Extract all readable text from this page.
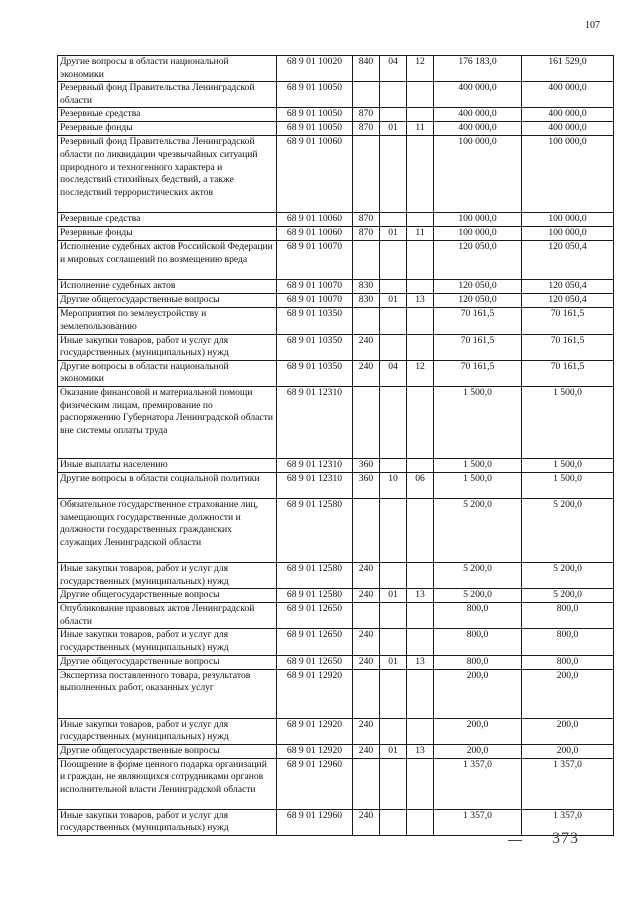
107
Другие вопросы в области национальной экономики	68 9 01 10020	840	04	12	176 183,0	161 529,0
Резервный фонд Правительства Ленинградской области	68 9 01 10050				400 000,0	400 000,0
Резервные средства	68 9 01 10050	870			400 000,0	400 000,0
Резервные фонды	68 9 01 10050	870	01	11	400 000,0	400 000,0
Резервный фонд Правительства Ленинградской области по ликвидации чрезвычайных ситуаций природного и техногенного характера и последствий стихийных бедствий, а также последствий террористических актов	68 9 01 10060				100 000,0	100 000,0
Резервные средства	68 9 01 10060	870			100 000,0	100 000,0
Резервные фонды	68 9 01 10060	870	01	11	100 000,0	100 000,0
Исполнение судебных актов Российской Федерации и мировых соглашений по возмещению вреда	68 9 01 10070				120 050,0	120 050,4
Исполнение судебных актов	68 9 01 10070	830			120 050,0	120 050,4
Другие общегосударственные вопросы	68 9 01 10070	830	01	13	120 050,0	120 050,4
Мероприятия по землеустройству и землепользованию	68 9 01 10350				70 161,5	70 161,5
Иные закупки товаров, работ и услуг для государственных (муниципальных) нужд	68 9 01 10350	240			70 161,5	70 161,5
Другие вопросы в области национальной экономики	68 9 01 10350	240	04	12	70 161,5	70 161,5
Оказание финансовой и материальной помощи физическим лицам, премирование по распоряжению Губернатора Ленинградской области вне системы оплаты труда	68 9 01 12310				1 500,0	1 500,0
Иные выплаты населению	68 9 01 12310	360			1 500,0	1 500,0
Другие вопросы в области социальной политики	68 9 01 12310	360	10	06	1 500,0	1 500,0
Обязательное государственное страхование лиц, замещающих государственные должности и должности государственных гражданских служащих Ленинградской области	68 9 01 12580				5 200,0	5 200,0
Иные закупки товаров, работ и услуг для государственных (муниципальных) нужд	68 9 01 12580	240			5 200,0	5 200,0
Другие общегосударственные вопросы	68 9 01 12580	240	01	13	5 200,0	5 200,0
Опубликование правовых актов Ленинградской области	68 9 01 12650				800,0	800,0
Иные закупки товаров, работ и услуг для государственных (муниципальных) нужд	68 9 01 12650	240			800,0	800,0
Другие общегосударственные вопросы	68 9 01 12650	240	01	13	800,0	800,0
Экспертиза поставленного товара, результатов выполненных работ, оказанных услуг	68 9 01 12920				200,0	200,0
Иные закупки товаров, работ и услуг для государственных (муниципальных) нужд	68 9 01 12920	240			200,0	200,0
Другие общегосударственные вопросы	68 9 01 12920	240	01	13	200,0	200,0
Поощрение в форме ценного подарка организаций и граждан, не являющихся сотрудниками органов исполнительной власти Ленинградской области	68 9 01 12960				1 357,0	1 357,0
Иные закупки товаров, работ и услуг для государственных (муниципальных) нужд	68 9 01 12960	240			1 357,0	1 357,0
373
